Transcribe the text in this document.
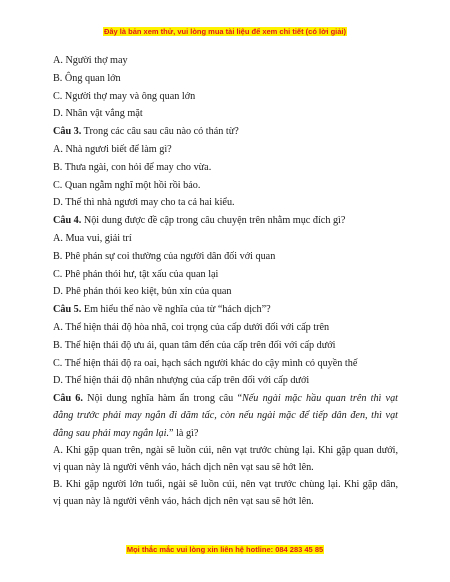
Đây là bản xem thử, vui lòng mua tài liệu để xem chi tiết (có lời giải)
A. Người thợ may
B. Ông quan lớn
C. Người thợ may và ông quan lớn
D. Nhân vật vắng mặt
Câu 3. Trong các câu sau câu nào có thán từ?
A. Nhà ngươi biết để làm gì?
B. Thưa ngài, con hỏi để may cho vừa.
C. Quan ngẫm nghĩ một hồi rồi bảo.
D. Thế thì nhà ngươi may cho ta cả hai kiểu.
Câu 4. Nội dung được đề cập trong câu chuyện trên nhằm mục đích gì?
A. Mua vui, giải trí
B. Phê phán sự coi thường của người dân đối với quan
C. Phê phán thói hư, tật xấu của quan lại
D. Phê phán thói keo kiệt, bủn xỉn của quan
Câu 5. Em hiểu thế nào về nghĩa của từ “hách dịch”?
A. Thể hiện thái độ hòa nhã, coi trọng của cấp dưới đối với cấp trên
B. Thể hiện thái độ ưu ái, quan tâm đến của cấp trên đối với cấp dưới
C. Thể hiện thái độ ra oai, hạch sách người khác do cậy mình có quyền thế
D. Thể hiện thái độ nhân nhượng của cấp trên đối với cấp dưới
Câu 6. Nội dung nghĩa hàm ẩn trong câu “Nếu ngài mặc hầu quan trên thì vạt
đằng trước phải may ngắn đi dăm tấc, còn nếu ngài mặc để tiếp dân đen, thì vạt
đằng sau phải may ngắn lại.” là gì?
A. Khi gặp quan trên, ngài sẽ luồn cúi, nên vạt trước chùng lại. Khi gặp quan dưới,
vị quan này là người vênh váo, hách dịch nên vạt sau sẽ hớt lên.
B. Khi gặp người lớn tuổi, ngài sẽ luồn cúi, nên vạt trước chùng lại. Khi gặp dân,
vị quan này là người vênh váo, hách dịch nên vạt sau sẽ hớt lên.
Mọi thắc mắc vui lòng xin liên hệ hotline: 084 283 45 85
